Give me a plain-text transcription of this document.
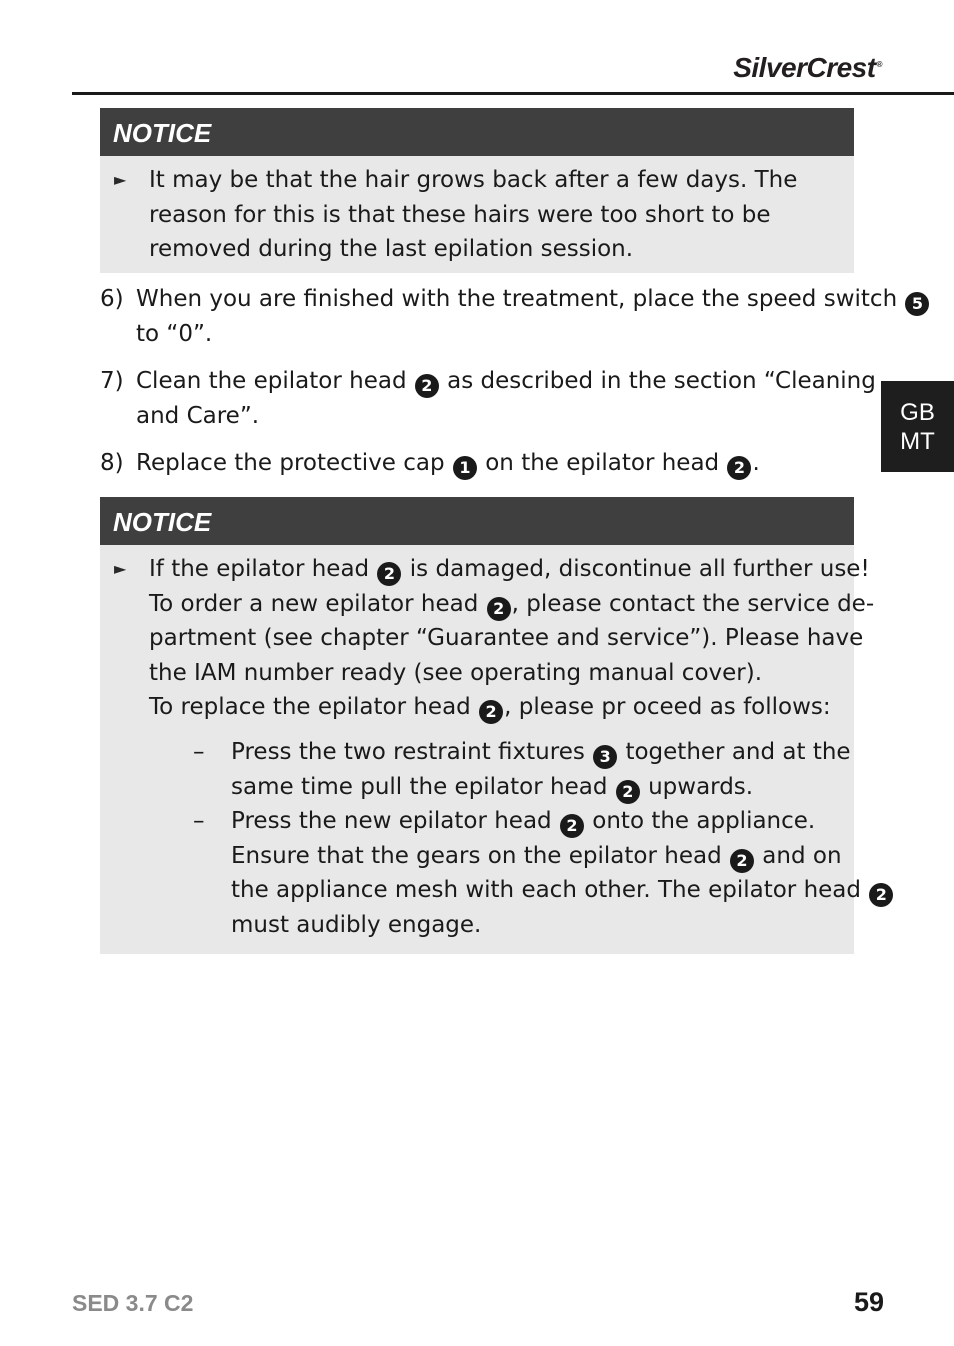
SilverCrest®
GB
MT
NOTICE
► It may be that the hair grows back after a few days. The
reason for this is that these hairs were too short to be
removed during the last epilation session.
6) When you are finished with the treatment, place the speed switch 5
to “0”.
7) Clean the epilator head 2 as described in the section “Cleaning
and Care”.
8) Replace the protective cap 1 on the epilator head 2 .
NOTICE
► If the epilator head 2 is damaged, discontinue all further use!
To order a new epilator head 2 , please contact the service de-
partment (see chapter “Guarantee and service”). Please have
the IAM number ready (see operating manual cover).
To replace the epilator head 2 , please pr oceed as follows:
– Press the two restraint fixtures 3 together and at the
same time pull the epilator head 2 upwards.
– Press the new epilator head 2 onto the appliance.
Ensure that the gears on the epilator head 2 and on
the appliance mesh with each other. The epilator head 2
must audibly engage.
SED 3.7 C2	59
